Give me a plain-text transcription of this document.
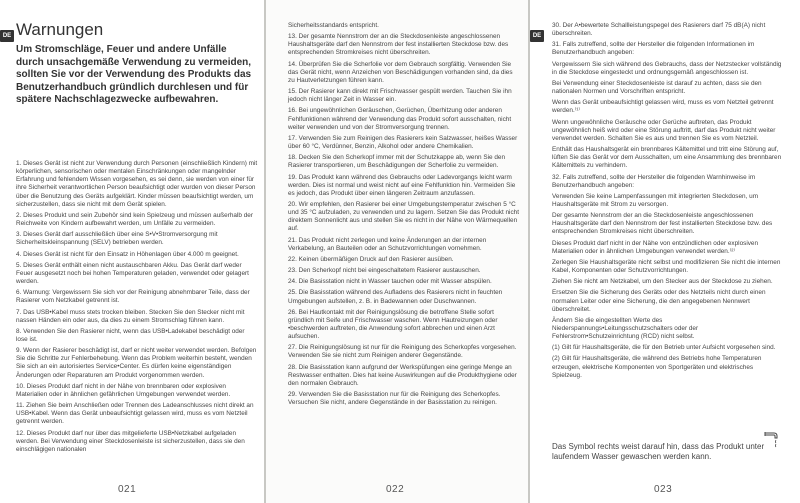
DE Warnungen
Um Stromschläge, Feuer und andere Unfälle durch unsachgemäße Verwendung zu vermeiden, sollten Sie vor der Verwendung des Produkts das Benutzerhandbuch gründlich durchlesen und für spätere Nachschlagezwecke aufbewahren.

1. Dieses Gerät ist nicht zur Verwendung durch Personen (einschließlich Kindern) mit körperlichen, sensorischen oder mentalen Einschränkungen oder mangelnder Erfahrung und fehlendem Wissen vorgesehen, es sei denn, sie werden von einer für ihre Sicherheit verantwortlichen Person beaufsichtigt oder wurden von dieser Person über die Benutzung des Geräts aufgeklärt. Kinder müssen beaufsichtigt werden, um sicherzustellen, dass sie nicht mit dem Gerät spielen.

2. Dieses Produkt und sein Zubehör sind kein Spielzeug und müssen außerhalb der Reichweite von Kindern aufbewahrt werden, um Unfälle zu vermeiden.

3. Dieses Gerät darf ausschließlich über eine S•V•Stromversorgung mit Sicherheitskleinspannung (SELV) betrieben werden.

4. Dieses Gerät ist nicht für den Einsatz in Höhenlagen über 4.000 m geeignet.

5. Dieses Gerät enthält einen nicht austauschbaren Akku. Das Gerät darf weder Feuer ausgesetzt noch bei hohen Temperaturen geladen, verwendet oder gelagert werden.

6. Warnung: Vergewissern Sie sich vor der Reinigung abnehmbarer Teile, dass der Rasierer vom Netzkabel getrennt ist.

7. Das USB•Kabel muss stets trocken bleiben. Stecken Sie den Stecker nicht mit nassen Händen ein oder aus, da dies zu einem Stromschlag führen kann.

8. Verwenden Sie den Rasierer nicht, wenn das USB•Ladekabel beschädigt oder lose ist.

9. Wenn der Rasierer beschädigt ist, darf er nicht weiter verwendet werden. Befolgen Sie die Schritte zur Fehlerbehebung. Wenn das Problem weiterhin besteht, wenden Sie sich an ein autorisiertes Service•Center. Es dürfen keine eigenständigen Änderungen oder Reparaturen am Produkt vorgenommen werden.

10. Dieses Produkt darf nicht in der Nähe von brennbaren oder explosiven Materialien oder in ähnlichen gefährlichen Umgebungen verwendet werden.

11. Ziehen Sie beim Anschließen oder Trennen des Ladeanschlusses nicht direkt an USB•Kabel. Wenn das Gerät unbeaufsichtigt gelassen wird, muss es vom Netzteil getrennt werden.

12. Dieses Produkt darf nur über das mitgelieferte USB•Netzkabel aufgeladen werden. Bei Verwendung einer Steckdosenleiste ist sicherzustellen, dass sie den einschlägigen nationalen

021

Sicherheitsstandards entspricht.

13. Der gesamte Nennstrom der an die Steckdosenleiste angeschlossenen Haushaltsgeräte darf den Nennstrom der fest installierten Steckdose bzw. des entsprechenden Stromkreises nicht überschreiten.

14. Überprüfen Sie die Scherfolie vor dem Gebrauch sorgfältig. Verwenden Sie das Gerät nicht, wenn Anzeichen von Beschädigungen vorhanden sind, da dies zu Hautverletzungen führen kann.

15. Der Rasierer kann direkt mit Frischwasser gespült werden. Tauchen Sie ihn jedoch nicht länger Zeit in Wasser ein.

16. Bei ungewöhnlichen Geräuschen, Gerüchen, Überhitzung oder anderen Fehlfunktionen während der Verwendung das Produkt sofort ausschalten, nicht weiter verwenden und von der Stromversorgung trennen.

17. Verwenden Sie zum Reinigen des Rasierers kein Salzwasser, heißes Wasser über 60 °C, Verdünner, Benzin, Alkohol oder andere Chemikalien.

18. Decken Sie den Scherkopf immer mit der Schutzkappe ab, wenn Sie den Rasierer transportieren, um Beschädigungen der Scherfolie zu vermeiden.

19. Das Produkt kann während des Gebrauchs oder Ladevorgangs leicht warm werden. Dies ist normal und weist nicht auf eine Fehlfunktion hin. Vermeiden Sie es jedoch, das Produkt über einen längeren Zeitraum anzufassen.

20. Wir empfehlen, den Rasierer bei einer Umgebungstemperatur zwischen 5 °C und 35 °C aufzuladen, zu verwenden und zu lagern. Setzen Sie das Produkt nicht direktem Sonnenlicht aus und stellen Sie es nicht in der Nähe von Wärmequellen auf.

21. Das Produkt nicht zerlegen und keine Änderungen an der internen Verkabelung, an Bauteilen oder an Schutzvorrichtungen vornehmen.

22. Keinen übermäßigen Druck auf den Rasierer ausüben.

23. Den Scherkopf nicht bei eingeschaltetem Rasierer austauschen.

24. Die Basisstation nicht in Wasser tauchen oder mit Wasser abspülen.

25. Die Basisstation während des Aufladens des Rasierers nicht in feuchten Umgebungen aufstellen, z. B. in Badewannen oder Duschwannen.

26. Bei Hautkontakt mit der Reinigungslösung die betroffene Stelle sofort gründlich mit Seife und Frischwasser waschen. Wenn Hautreizungen oder •beschwerden auftreten, die Anwendung sofort abbrechen und einen Arzt aufsuchen.

27. Die Reinigungslösung ist nur für die Reinigung des Scherkopfes vorgesehen. Verwenden Sie sie nicht zum Reinigen anderer Gegenstände.

28. Die Basisstation kann aufgrund der Werkspüfungen eine geringe Menge an Restwasser enthalten. Dies hat keine Auswirkungen auf die Produkthygiene oder den normalen Gebrauch.

29. Verwenden Sie die Basisstation nur für die Reinigung des Scherkopfes. Versuchen Sie nicht, andere Gegenstände in der Basisstation zu reinigen.

022
DE

30. Der A•bewertete Schallleistungspegel des Rasierers darf 75 dB(A) nicht überschreiten.

31. Falls zutreffend, sollte der Hersteller die folgenden Informationen im Benutzerhandbuch angeben:

Vergewissern Sie sich während des Gebrauchs, dass der Netzstecker vollständig in die Steckdose eingesteckt und ordnungsgemäß angeschlossen ist.

Bei Verwendung einer Steckdosenleiste ist darauf zu achten, dass sie den nationalen Normen und Vorschriften entspricht.

Wenn das Gerät unbeaufsichtigt gelassen wird, muss es vom Netzteil getrennt werden.⁽¹⁾

Wenn ungewöhnliche Geräusche oder Gerüche auftreten, das Produkt ungewöhnlich heiß wird oder eine Störung auftritt, darf das Produkt nicht weiter verwendet werden. Schalten Sie es aus und trennen Sie es vom Netzteil.

Enthält das Haushaltsgerät ein brennbares Kältemittel und tritt eine Störung auf, lüften Sie das Gerät vor dem Ausschalten, um eine Ansammlung des brennbaren Kältemittels zu verhindern.

32. Falls zutreffend, sollte der Hersteller die folgenden Warnhinweise im Benutzerhandbuch angeben:

Verwenden Sie keine Lampenfassungen mit integrierten Steckdosen, um Haushaltsgeräte mit Strom zu versorgen.

Der gesamte Nennstrom der an die Steckdosenleiste angeschlossenen Haushaltsgeräte darf den Nennstrom der fest installierten Steckdose bzw. des entsprechenden Stromkreises nicht überschreiten.

Dieses Produkt darf nicht in der Nähe von entzündlichen oder explosiven Materialien oder in ähnlichen Umgebungen verwendet werden.⁽²⁾

Zerlegen Sie Haushaltsgeräte nicht selbst und modifizieren Sie nicht die internen Kabel, Komponenten oder Schutzvorrichtungen.

Ziehen Sie nicht am Netzkabel, um den Stecker aus der Steckdose zu ziehen.

Ersetzen Sie die Sicherung des Geräts oder des Netzteils nicht durch einen normalen Leiter oder eine Sicherung, die den angegebenen Nennwert überschreitet.

Ändern Sie die eingestellten Werte des Niederspannungs•Leitungsschutzschalters oder der Fehlerstrom•Schutzeinrichtung (RCD) nicht selbst.

(1) Gilt für Haushaltsgeräte, die für den Betrieb unter Aufsicht vorgesehen sind.

(2) Gilt für Haushaltsgeräte, die während des Betriebs hohe Temperaturen erzeugen, elektrische Komponenten von Sportgeräten und elektrisches Spielzeug.

Das Symbol rechts weist darauf hin, dass das Produkt unter laufendem Wasser gewaschen werden kann.
023
